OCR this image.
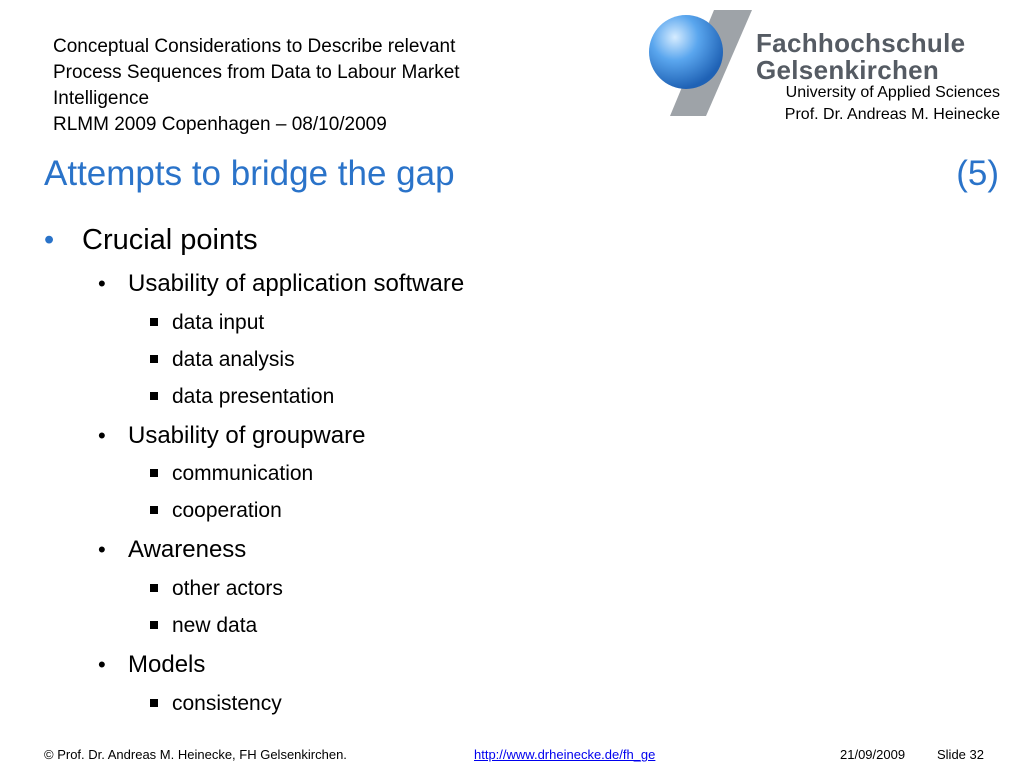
Conceptual Considerations to Describe relevant
Process Sequences from Data to Labour Market
Intelligence
RLMM 2009 Copenhagen – 08/10/2009
Fachhochschule
Gelsenkirchen
University of Applied Sciences
Prof. Dr. Andreas M. Heinecke
Attempts to bridge the gap	(5)
• Crucial points
• Usability of application software
data input
data analysis
data presentation
• Usability of groupware
communication
cooperation
• Awareness
other actors
new data
• Models
consistency
© Prof. Dr. Andreas M. Heinecke, FH Gelsenkirchen.	http://www.drheinecke.de/fh_ge	21/09/2009 Slide 32
